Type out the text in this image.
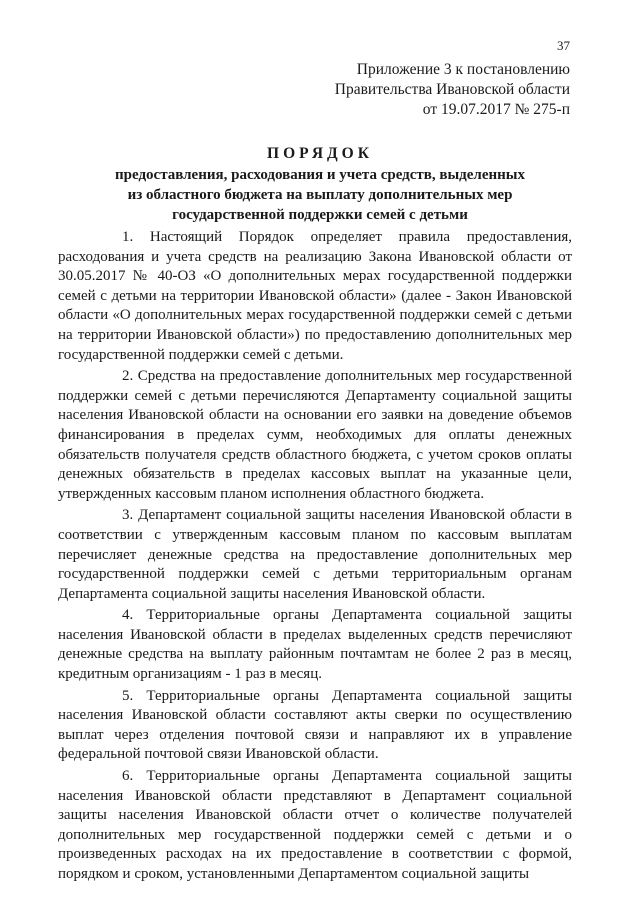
37
Приложение 3 к постановлению
Правительства Ивановской области
от 19.07.2017 № 275-п
ПОРЯДОК
предоставления, расходования и учета средств, выделенных
из областного бюджета на выплату дополнительных мер
государственной поддержки семей с детьми

1. Настоящий Порядок определяет правила предоставления, расходования и учета средств на реализацию Закона Ивановской области от 30.05.2017 № 40-ОЗ «О дополнительных мерах государственной поддержки семей с детьми на территории Ивановской области» (далее - Закон Ивановской области «О дополнительных мерах государственной поддержки семей с детьми на территории Ивановской области») по предоставлению дополнительных мер государственной поддержки семей с детьми.

2. Средства на предоставление дополнительных мер государственной поддержки семей с детьми перечисляются Департаменту социальной защиты населения Ивановской области на основании его заявки на доведение объемов финансирования в пределах сумм, необходимых для оплаты денежных обязательств получателя средств областного бюджета, с учетом сроков оплаты денежных обязательств в пределах кассовых выплат на указанные цели, утвержденных кассовым планом исполнения областного бюджета.

3. Департамент социальной защиты населения Ивановской области в соответствии с утвержденным кассовым планом по кассовым выплатам перечисляет денежные средства на предоставление дополнительных мер государственной поддержки семей с детьми территориальным органам Департамента социальной защиты населения Ивановской области.

4. Территориальные органы Департамента социальной защиты населения Ивановской области в пределах выделенных средств перечисляют денежные средства на выплату районным почтамтам не более 2 раз в месяц, кредитным организациям - 1 раз в месяц.

5. Территориальные органы Департамента социальной защиты населения Ивановской области составляют акты сверки по осуществлению выплат через отделения почтовой связи и направляют их в управление федеральной почтовой связи Ивановской области.

6. Территориальные органы Департамента социальной защиты населения Ивановской области представляют в Департамент социальной защиты населения Ивановской области отчет о количестве получателей дополнительных мер государственной поддержки семей с детьми и о произведенных расходах на их предоставление в соответствии с формой, порядком и сроком, установленными Департаментом социальной защиты
